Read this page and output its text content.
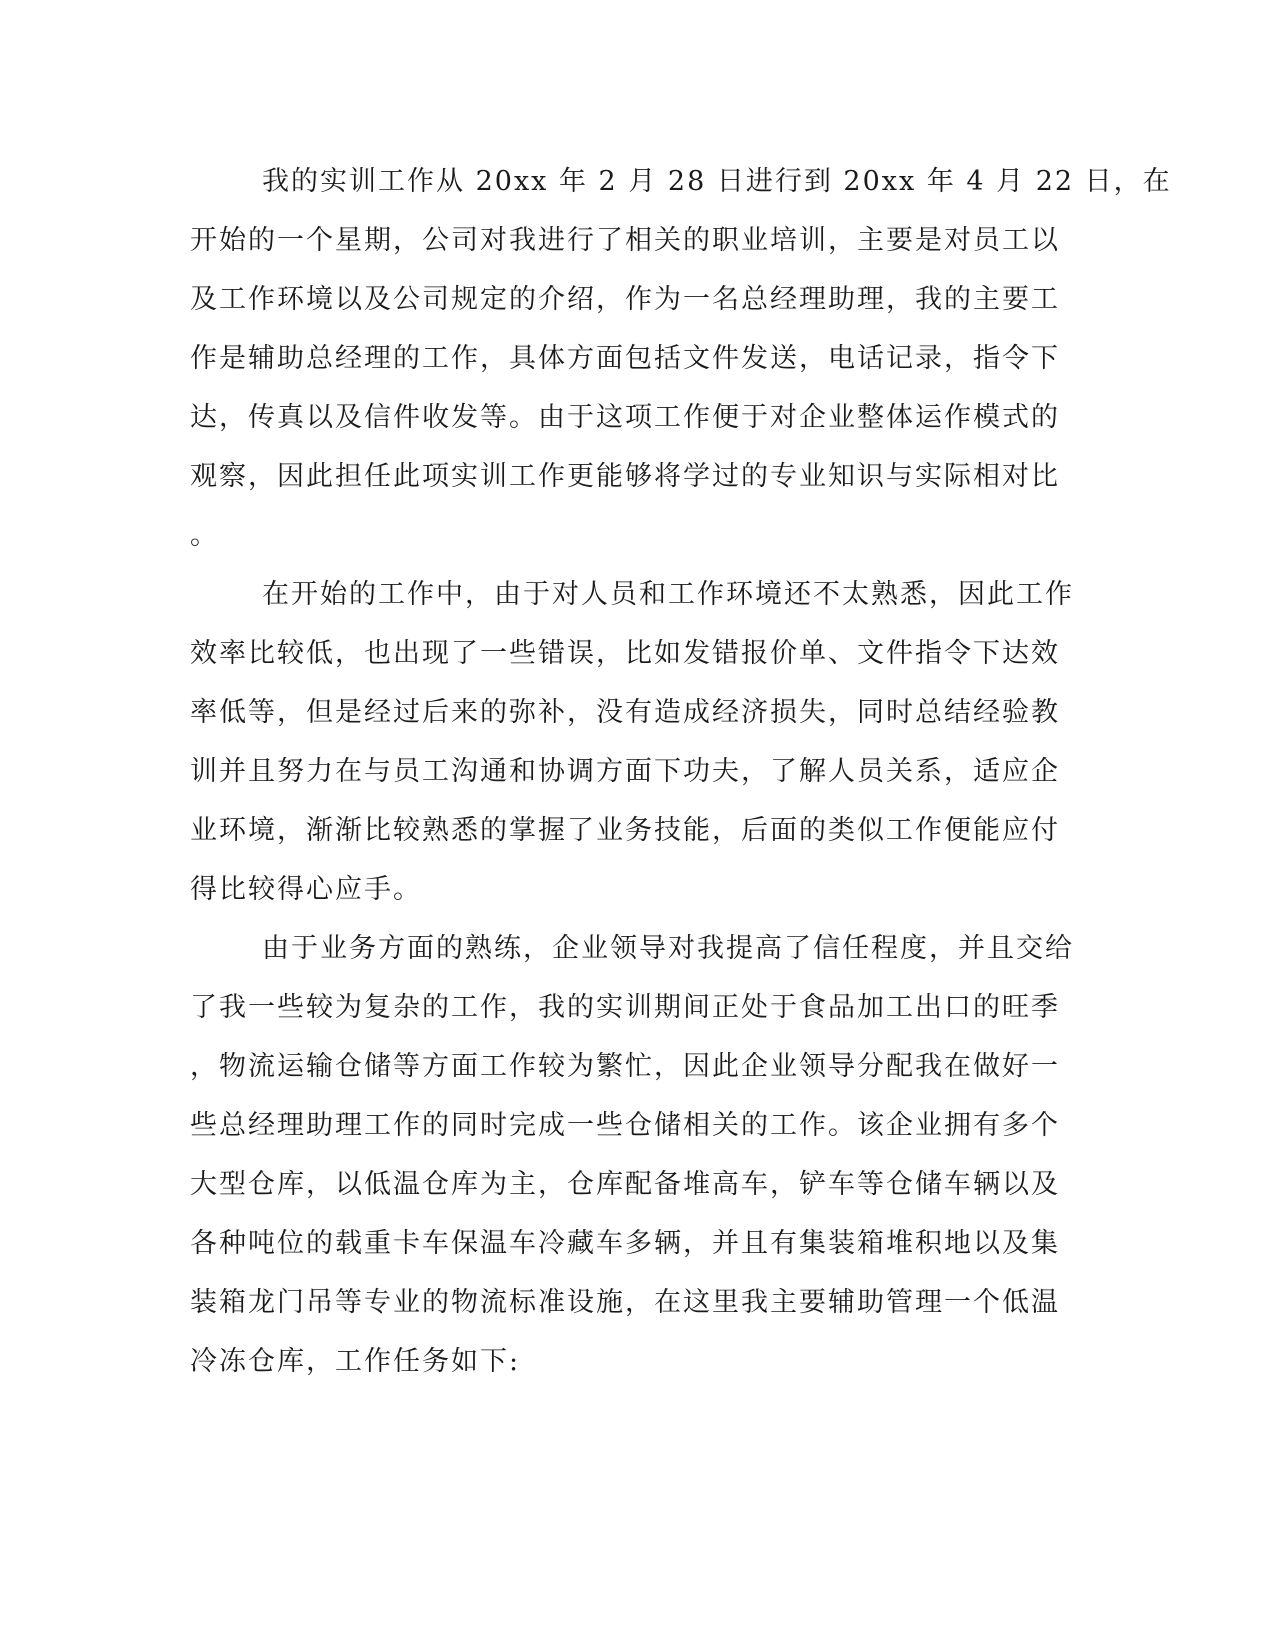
我的实训工作从 20xx 年 2 月 28 日进行到 20xx 年 4 月 22 日，在
开始的一个星期，公司对我进行了相关的职业培训，主要是对员工以
及工作环境以及公司规定的介绍，作为一名总经理助理，我的主要工
作是辅助总经理的工作，具体方面包括文件发送，电话记录，指令下
达，传真以及信件收发等。由于这项工作便于对企业整体运作模式的
观察，因此担任此项实训工作更能够将学过的专业知识与实际相对比
。
在开始的工作中，由于对人员和工作环境还不太熟悉，因此工作
效率比较低，也出现了一些错误，比如发错报价单、文件指令下达效
率低等，但是经过后来的弥补，没有造成经济损失，同时总结经验教
训并且努力在与员工沟通和协调方面下功夫，了解人员关系，适应企
业环境，渐渐比较熟悉的掌握了业务技能，后面的类似工作便能应付
得比较得心应手。
由于业务方面的熟练，企业领导对我提高了信任程度，并且交给
了我一些较为复杂的工作，我的实训期间正处于食品加工出口的旺季
，物流运输仓储等方面工作较为繁忙，因此企业领导分配我在做好一
些总经理助理工作的同时完成一些仓储相关的工作。该企业拥有多个
大型仓库，以低温仓库为主，仓库配备堆高车，铲车等仓储车辆以及
各种吨位的载重卡车保温车冷藏车多辆，并且有集装箱堆积地以及集
装箱龙门吊等专业的物流标准设施，在这里我主要辅助管理一个低温
冷冻仓库，工作任务如下:
